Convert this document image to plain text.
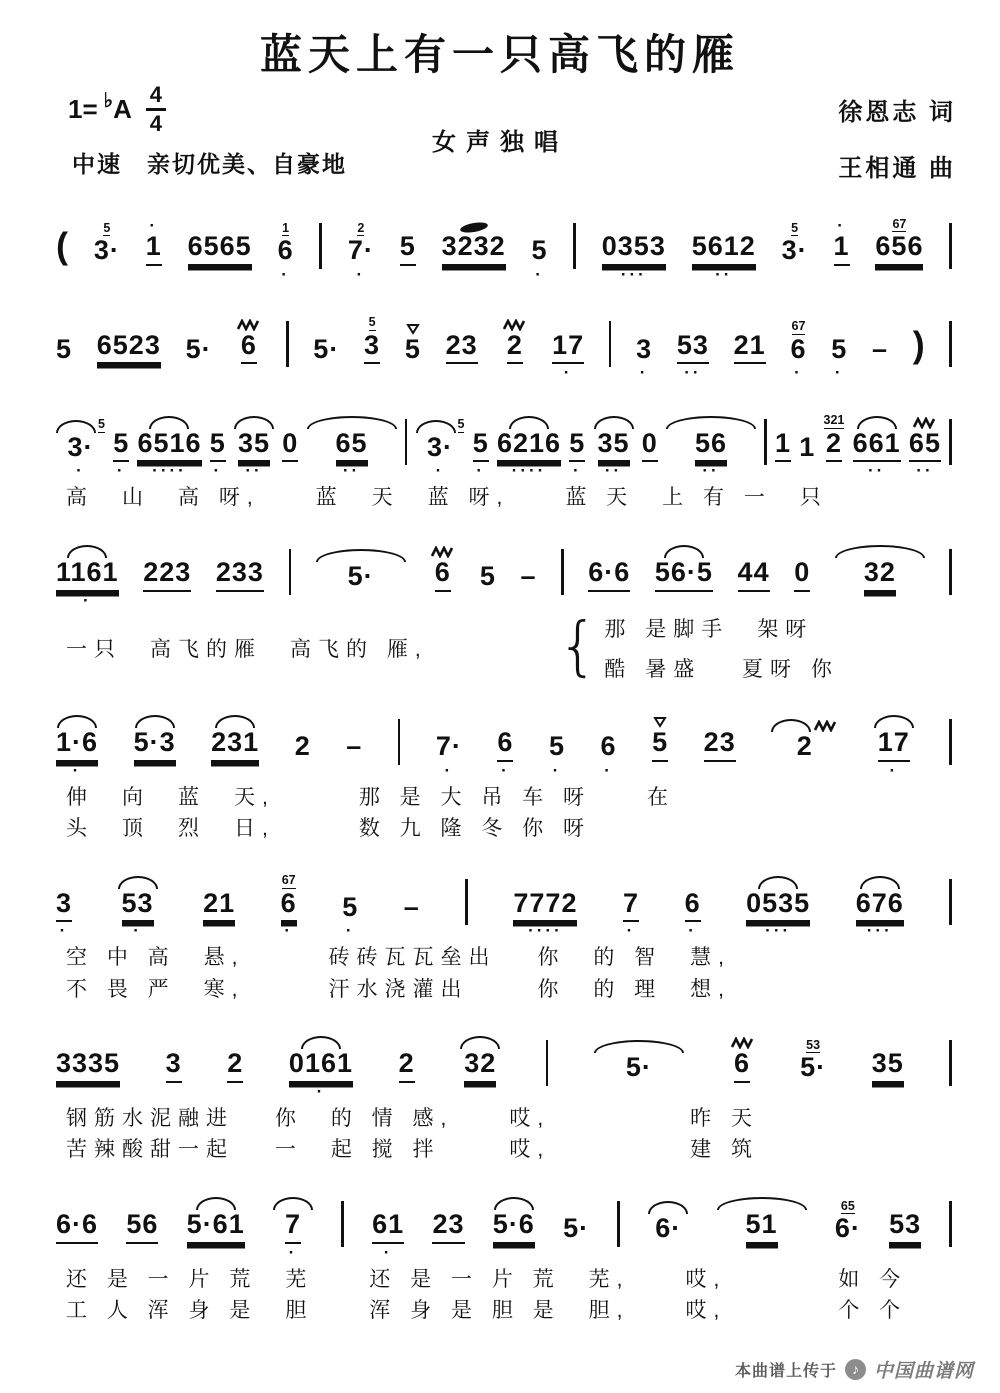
蓝天上有一只高飞的雁
1= ♭ A 4
4	徐恩志 词
女声独唱
中速　亲切优美、自豪地	王相通 曲
(
	5
3·

·
1
6565

1
6
·
2
7·
·
5
3232
5
·
0353
···
5612
··
5
3·

·
1

67
656

5
6523
5·
6
5·

5
3
5
23
2
17
·
3
·
53
··
21

67
6
·
5
·
–
)

5
3·
·
5
·
6516
····
5
·
35
··
0
65
··
5
3·
·
5
·
6216
····
5
·
35
··
0
56
··
1
1

321
2
661
··
65
··
高　山　高 呀,　　蓝　天　蓝 呀,　　蓝 天　上 有 一　只
1161
·
223
233
	5·
6
5
–
6·6
56·5
44
0
32

一只　高飞的雁　高飞的 雁, { 那 是脚手　架呀
酷 暑盛　 夏呀 你
1·6
·
5·3
231
2
–
	7·
·
6
·
5
·
6
·
5
23
2
17
·
伸　向　蓝　天,　　　那 是 大 吊 车 呀　　在
头　顶　烈　日,　　　数 九 隆 冬 你 呀
3
·
53
·
21

67
6
·
5
·
–
	7772
····
7
·
6
·
0535
···
676
···
空 中 高　悬,　　　砖砖瓦瓦垒出　 你　的 智　慧,
不 畏 严　寒,　　　汗水浇灌出　　 你　的 理　想,
3335
3
2
0161
·
2
32
	5·
	6

53
5·
35

钢筋水泥融进　 你　的 情 感,　　哎,　　　　　昨 天
苦辣酸甜一起　 一　起 搅 拌　　 哎,　　　　　建 筑
6·6
56
5·61
7
·
61
·
23
5·6
5·
6·
51

65
6·
53

还 是 一 片 荒　芜　　还 是 一 片 荒　芜,　　哎,　　　　如 今
工 人 浑 身 是　胆　　浑 身 是 胆 是　胆,　　哎,　　　　个 个
本曲谱上传于	♪ 中国曲谱网
